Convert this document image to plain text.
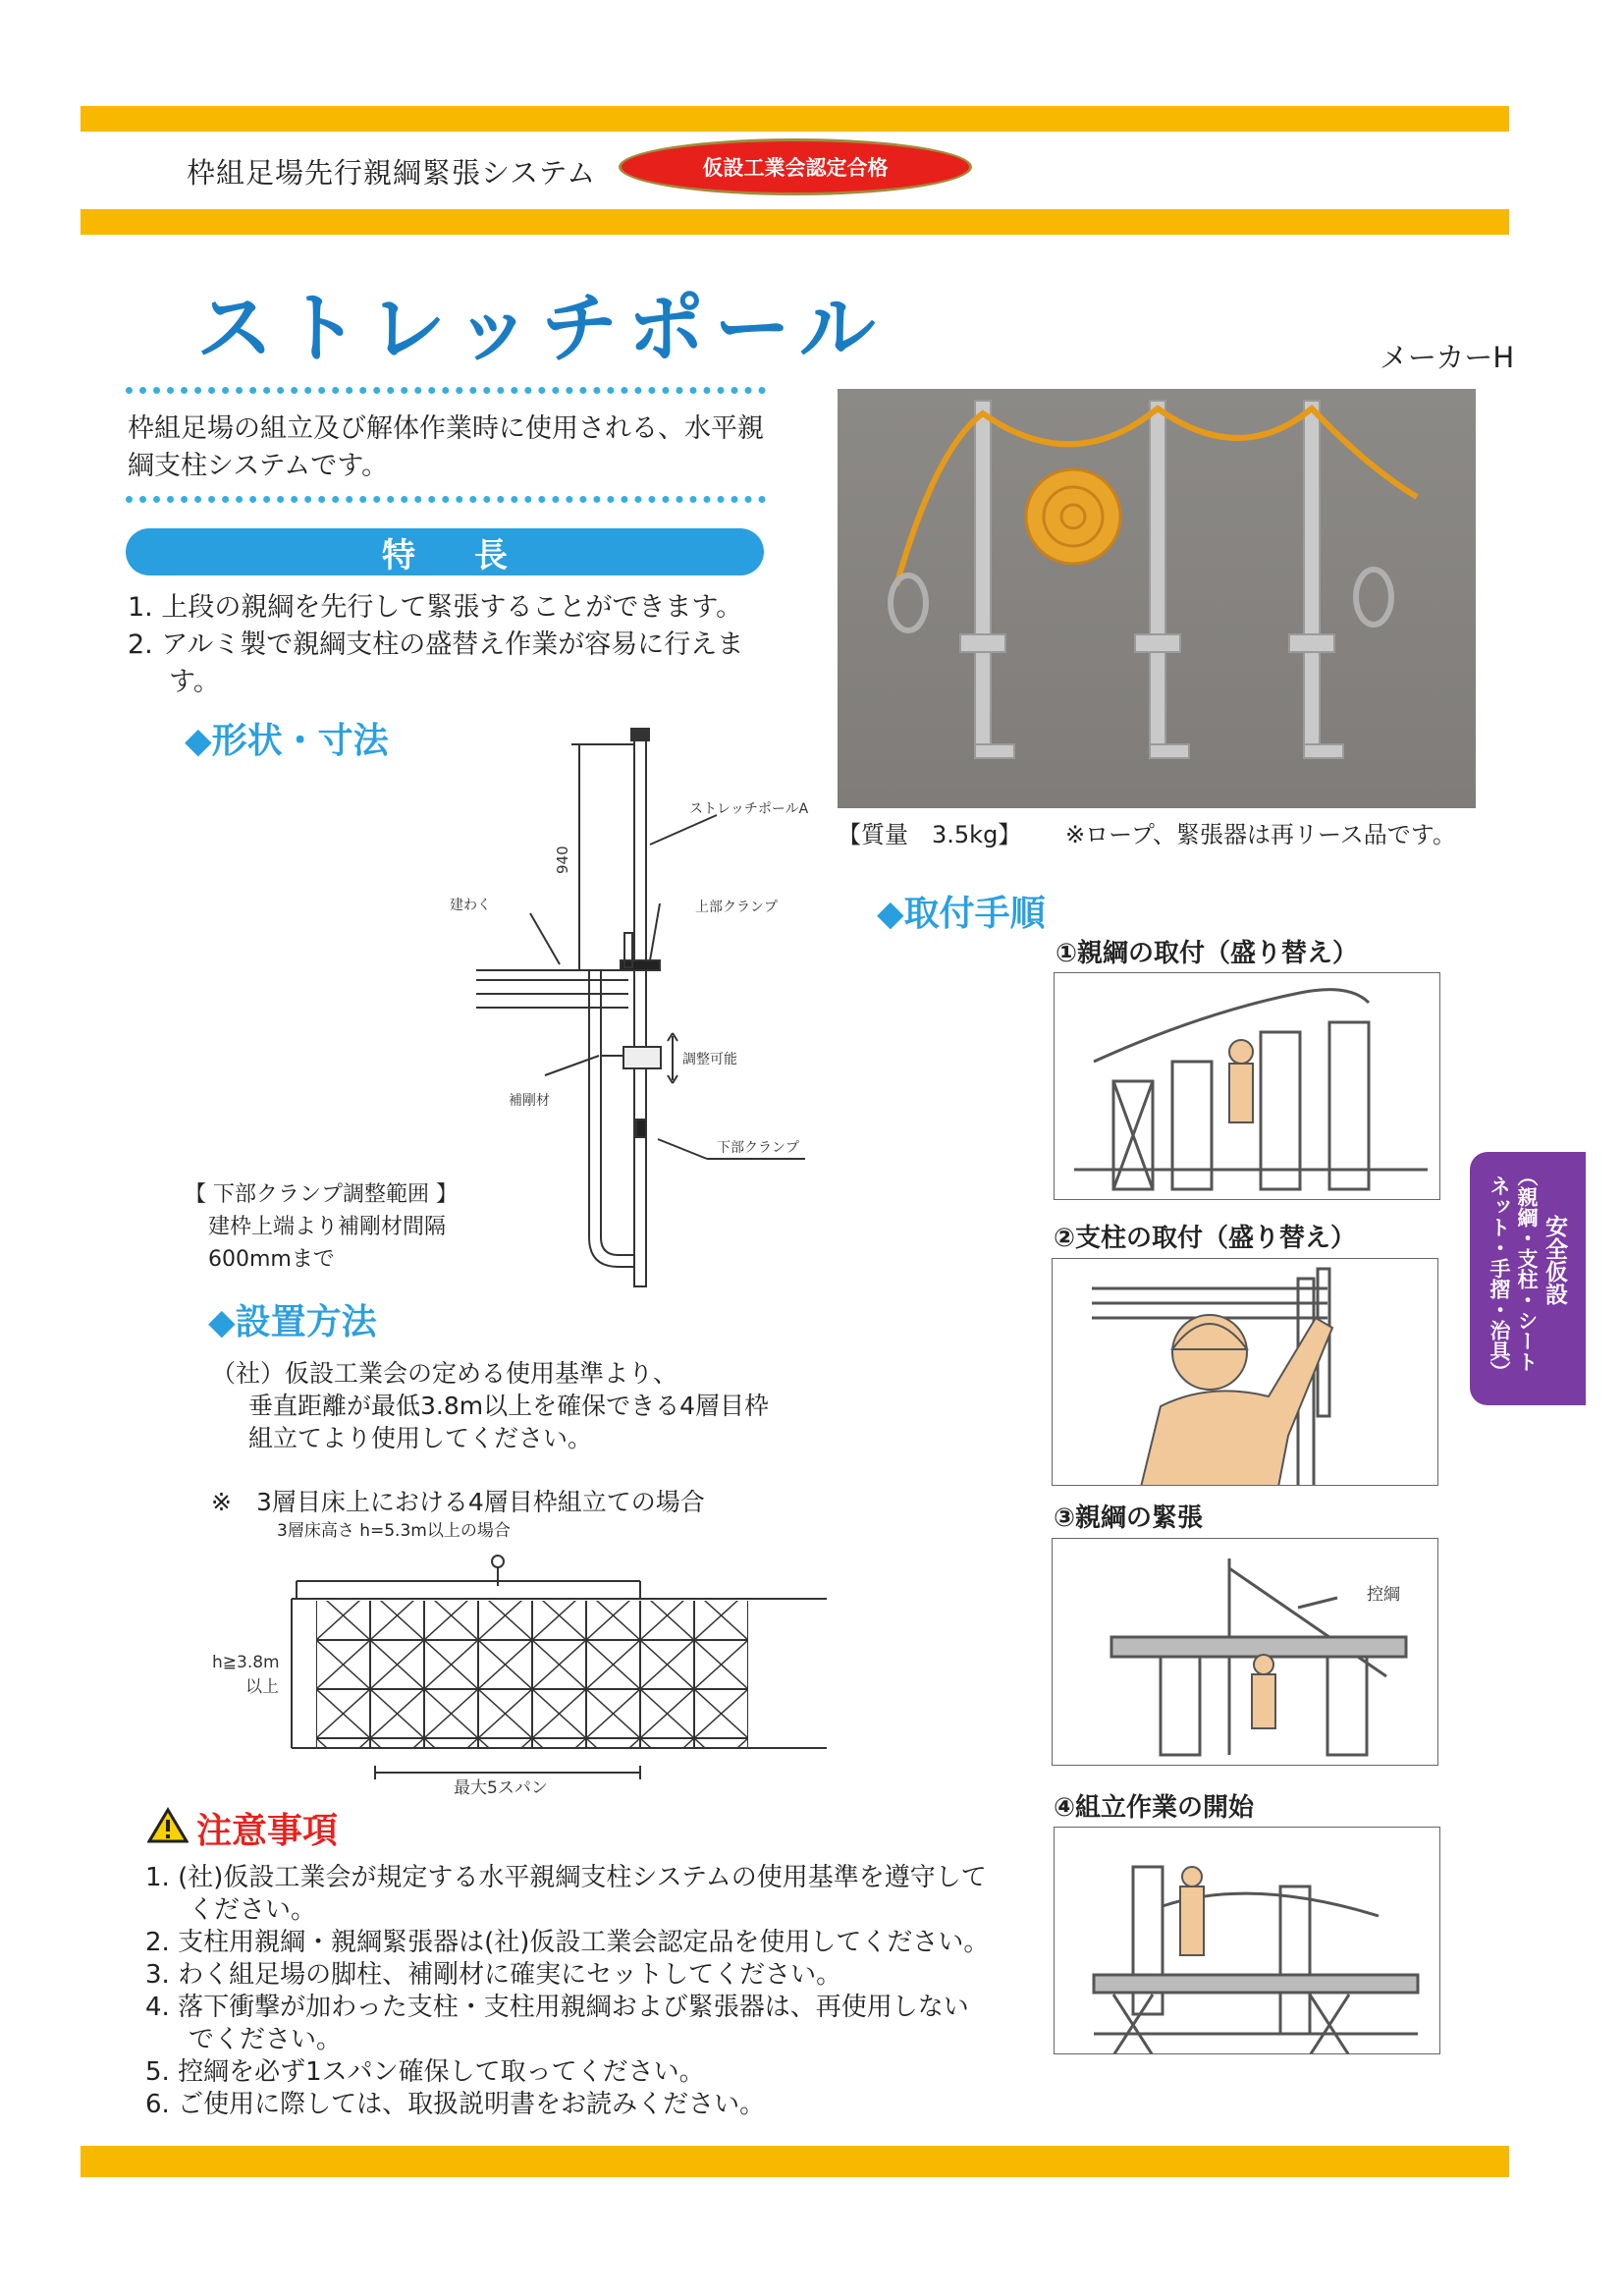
枠組足場先行親綱緊張システム	仮設工業会認定合格
ストレッチポール	メーカーH
枠組足場の組立及び解体作業時に使用される、水平親綱支柱システムです。
特長
1. 上段の親綱を先行して緊張することができます。
2. アルミ製で親綱支柱の盛替え作業が容易に行えます。
◆形状・寸法
940
ストレッチポールA
建わく	上部クランプ
調整可能
補剛材
下部クランプ
【 下部クランプ調整範囲 】
建枠上端より補剛材間隔
600mmまで
◆設置方法
（社）仮設工業会の定める使用基準より、
垂直距離が最低3.8m以上を確保できる4層目枠
組立てより使用してください。
※　3層目床上における4層目枠組立ての場合
3層床高さ h=5.3m以上の場合
h≧3.8m
以上
最大5スパン
注意事項
1. (社)仮設工業会が規定する水平親綱支柱システムの使用基準を遵守してください。
2. 支柱用親綱・親綱緊張器は(社)仮設工業会認定品を使用してください。
3. わく組足場の脚柱、補剛材に確実にセットしてください。
4. 落下衝撃が加わった支柱・支柱用親綱および緊張器は、再使用しないでください。
5. 控綱を必ず1スパン確保して取ってください。
6. ご使用に際しては、取扱説明書をお読みください。
【質量　3.5kg】 ※ロープ、緊張器は再リース品です。
◆取付手順
①親綱の取付（盛り替え）
②支柱の取付（盛り替え）
③親綱の緊張
控綱
④組立作業の開始
安全仮設
（親綱・支柱・シート
ネット・手摺・治具）
